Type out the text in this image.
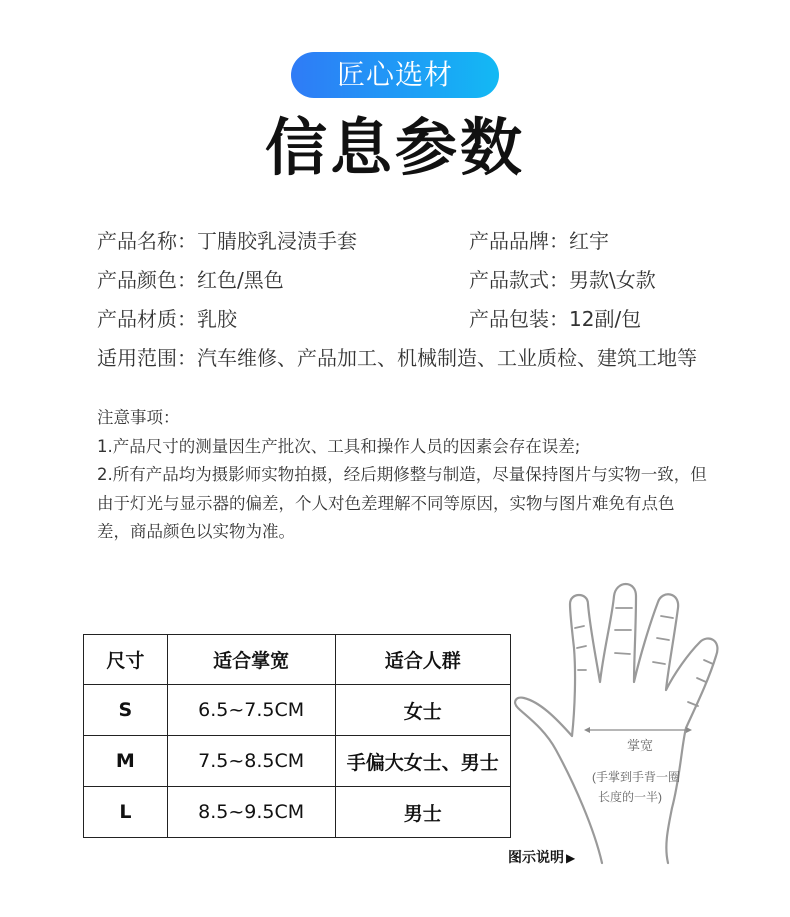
匠心选材
信息参数
产品名称：丁腈胶乳浸渍手套	产品品牌：红宇
产品颜色：红色/黑色	产品款式：男款\女款
产品材质：乳胶	产品包装：12副/包
适用范围：汽车维修、产品加工、机械制造、工业质检、建筑工地等

注意事项：

1.产品尺寸的测量因生产批次、工具和操作人员的因素会存在误差;

2.所有产品均为摄影师实物拍摄，经后期修整与制造，尽量保持图片与实物一致，但由于灯光与显示器的偏差，个人对色差理解不同等原因，实物与图片难免有点色差，商品颜色以实物为准。

尺寸	适合掌宽	适合人群
S	6.5~7.5CM	女士
M	7.5~8.5CM	手偏大女士、男士
L	8.5~9.5CM	男士
掌宽
(手掌到手背一圈
长度的一半)
图示说明 ▶
